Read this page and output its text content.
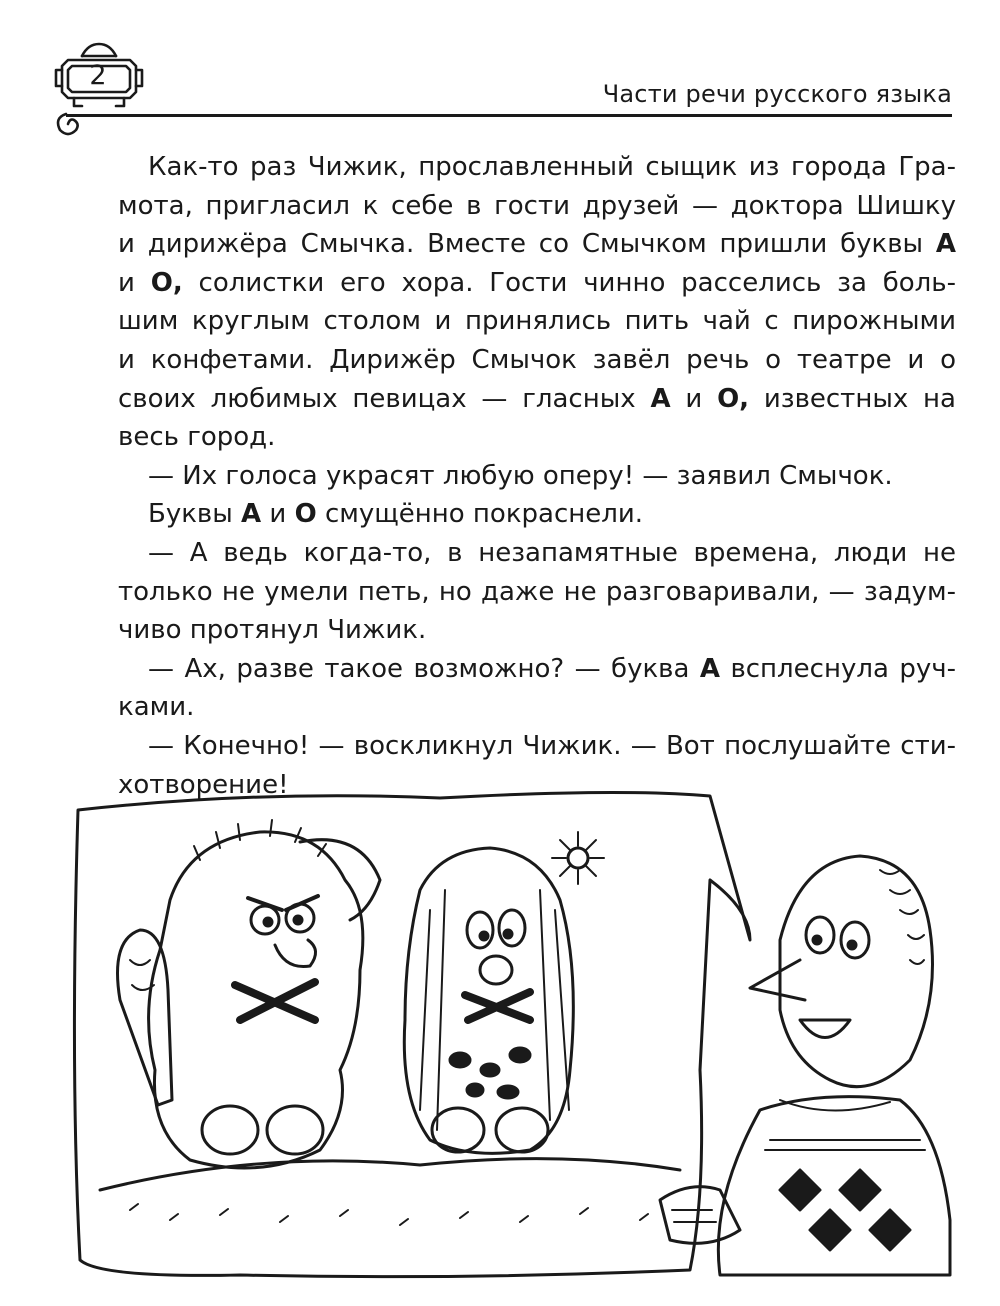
2
Части речи русского языка

Как-то раз Чижик, прославленный сыщик из города Гра-
мота, пригласил к себе в гости друзей — доктора Шишку
и дирижёра Смычка. Вместе со Смычком пришли буквы А
и О, солистки его хора. Гости чинно расселись за боль-
шим круглым столом и принялись пить чай с пирожными
и конфетами. Дирижёр Смычок завёл речь о театре и о
своих любимых певицах — гласных А и О, известных на
весь город.

— Их голоса украсят любую оперу! — заявил Смычок.

Буквы А и О смущённо покраснели.

— А ведь когда-то, в незапамятные времена, люди не
только не умели петь, но даже не разговаривали, — задум-
чиво протянул Чижик.

— Ах, разве такое возможно? — буква А всплеснула руч-
ками.

— Конечно! — воскликнул Чижик. — Вот послушайте сти-
хотворение!
